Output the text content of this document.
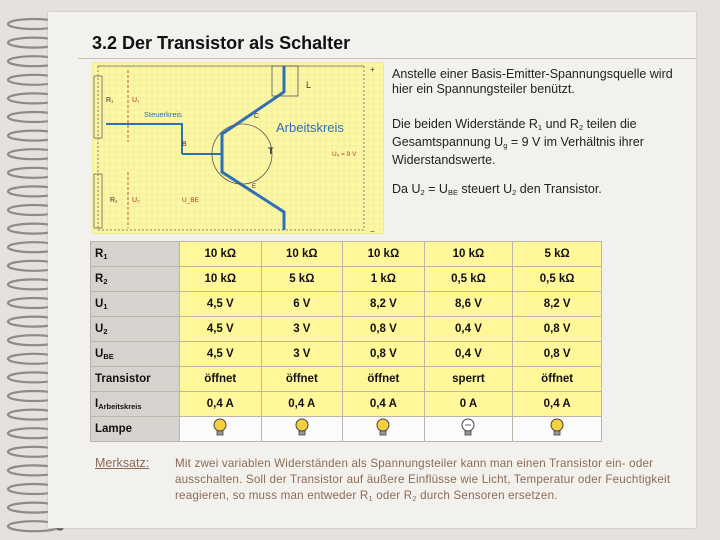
3.2 Der Transistor als Schalter
R₁	U₁
Steuerkreis
L
C
B
E
T
Arbeitskreis
U₉ = 9 V
R₂ U₂	U_BE
+
−
Anstelle einer Basis-Emitter-Spannungsquelle wird hier ein Spannungsteiler benützt.
Die beiden Widerstände $R_1$ und $R_2$ teilen die Gesamtspannung $U_g = 9$ V im Verhältnis ihrer Widerstandswerte.
Da $U_2 = U_{BE}$ steuert $U_2$ den Transistor.
$R_1$	10 kΩ	10 kΩ	10 kΩ	10 kΩ	5 kΩ
$R_2$	10 kΩ	5 kΩ	1 kΩ	0,5 kΩ	0,5 kΩ
$U_1$	4,5 V	6 V	8,2 V	8,6 V	8,2 V
$U_2$	4,5 V	3 V	0,8 V	0,4 V	0,8 V
$U_{BE}$	4,5 V	3 V	0,8 V	0,4 V	0,8 V
Transistor	öffnet	öffnet	öffnet	sperrt	öffnet
$I_{Arbeitskreis}$	0,4 A	0,4 A	0,4 A	0 A	0,4 A
Lampe					
Merksatz: Mit zwei variablen Widerständen als Spannungsteiler kann man einen Transistor ein- oder ausschalten. Soll der Transistor auf äußere Einflüsse wie Licht, Temperatur oder Feuchtigkeit reagieren, so muss man entweder $R_1$ oder $R_2$ durch Sensoren ersetzen.
